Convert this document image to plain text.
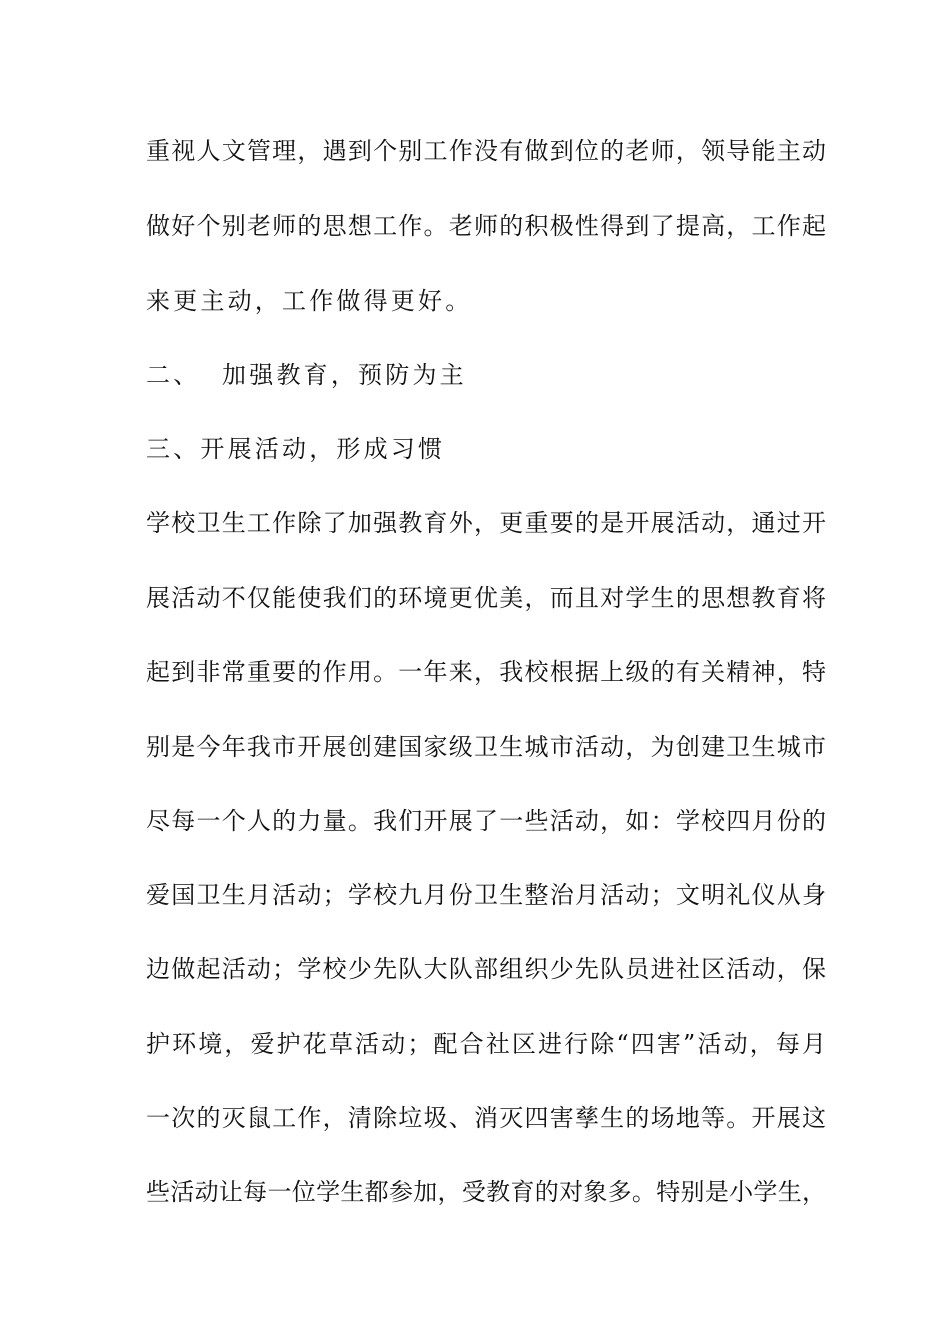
重视人文管理，遇到个别工作没有做到位的老师，领导能主动
做好个别老师的思想工作。老师的积极性得到了提高，工作起
来更主动，工作做得更好。
二、  加强教育，预防为主
三、开展活动，形成习惯
学校卫生工作除了加强教育外，更重要的是开展活动，通过开
展活动不仅能使我们的环境更优美，而且对学生的思想教育将
起到非常重要的作用。一年来，我校根据上级的有关精神，特
别是今年我市开展创建国家级卫生城市活动，为创建卫生城市
尽每一个人的力量。我们开展了一些活动，如：学校四月份的
爱国卫生月活动；学校九月份卫生整治月活动；文明礼仪从身
边做起活动；学校少先队大队部组织少先队员进社区活动，保
护环境，爱护花草活动；配合社区进行除“四害”活动，每月
一次的灭鼠工作，清除垃圾、消灭四害孳生的场地等。开展这
些活动让每一位学生都参加，受教育的对象多。特别是小学生，
